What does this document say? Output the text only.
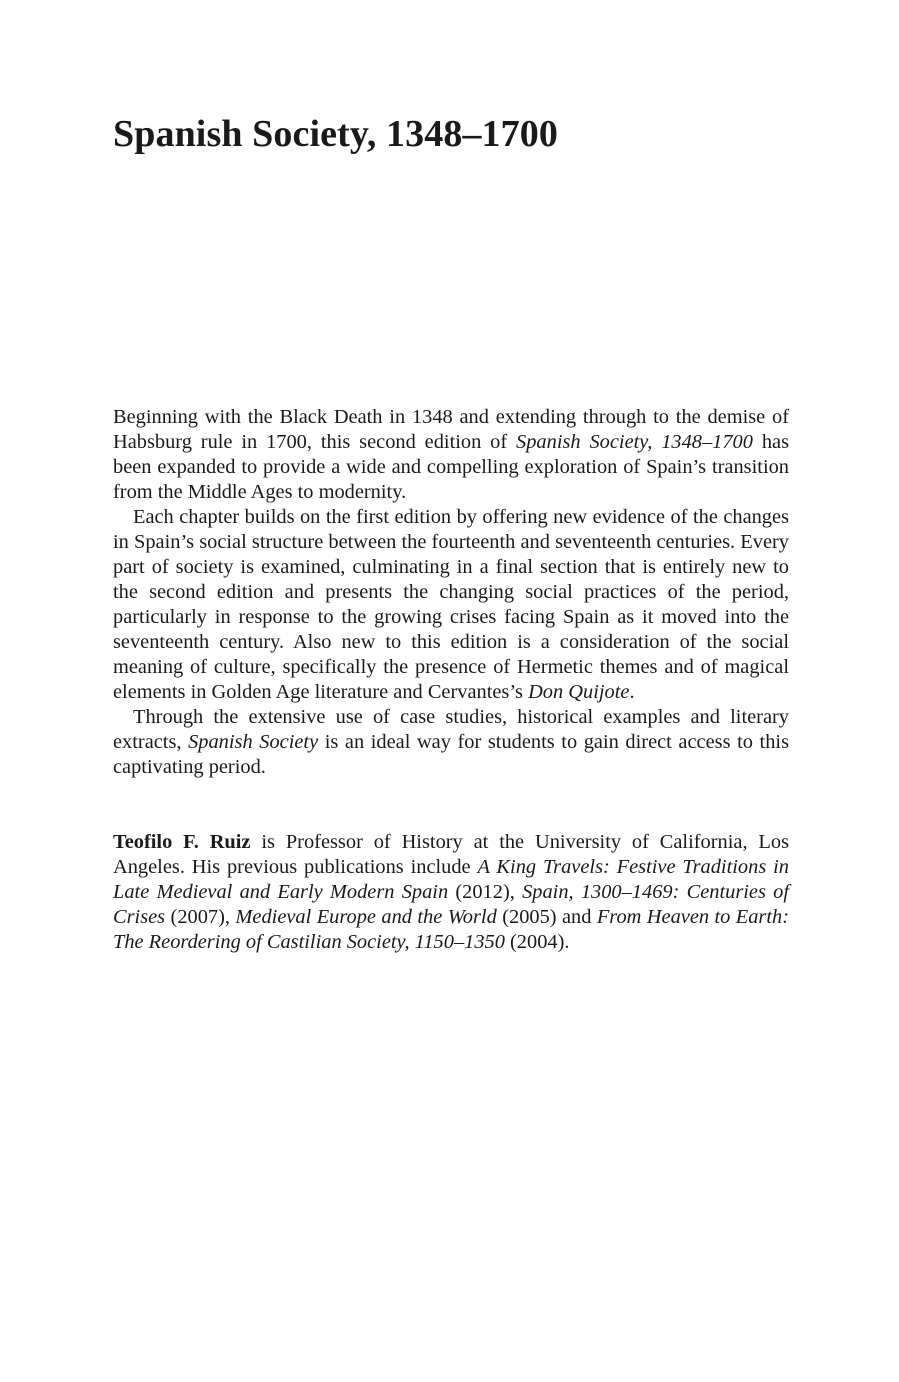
Spanish Society, 1348–1700

Beginning with the Black Death in 1348 and extending through to the demise of Habsburg rule in 1700, this second edition of Spanish Society, 1348–1700 has been expanded to provide a wide and compelling exploration of Spain’s transition from the Middle Ages to modernity.

Each chapter builds on the first edition by offering new evidence of the changes in Spain’s social structure between the fourteenth and seventeenth centuries. Every part of society is examined, culminating in a final section that is entirely new to the second edition and presents the changing social practices of the period, particularly in response to the growing crises facing Spain as it moved into the seventeenth century. Also new to this edition is a consideration of the social meaning of culture, specifically the presence of Hermetic themes and of magical elements in Golden Age literature and Cervantes’s Don Quijote.

Through the extensive use of case studies, historical examples and literary extracts, Spanish Society is an ideal way for students to gain direct access to this captivating period.

Teofilo F. Ruiz is Professor of History at the University of California, Los Angeles. His previous publications include A King Travels: Festive Traditions in Late Medieval and Early Modern Spain (2012), Spain, 1300–1469: Centuries of Crises (2007), Medieval Europe and the World (2005) and From Heaven to Earth: The Reordering of Castilian Society, 1150–1350 (2004).
